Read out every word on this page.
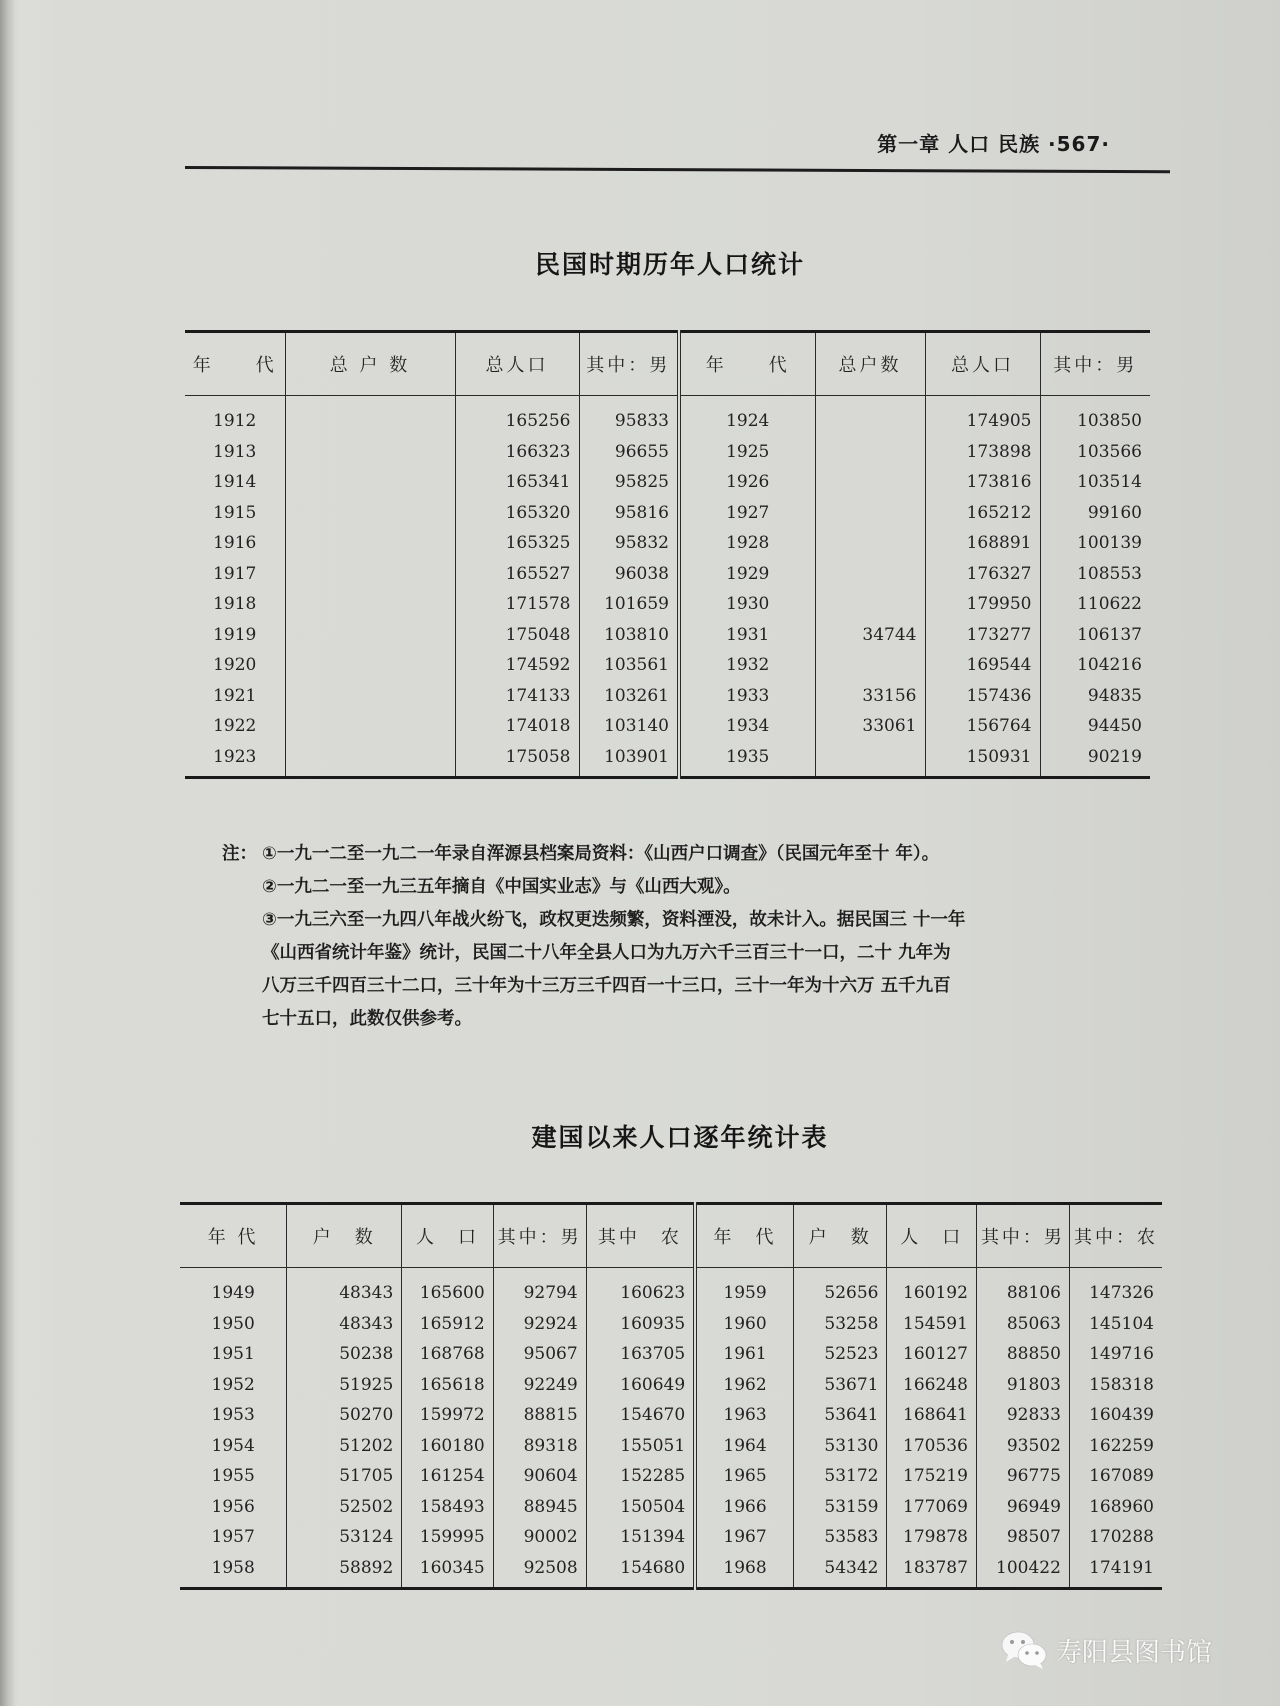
第一章 人口 民族 ·567·
民国时期历年人口统计
年　　代	总 户 数	总人口	其中：男	年　　代	总户数	总人口	其中：男
1912		165256	95833	1924		174905	103850
1913		166323	96655	1925		173898	103566
1914		165341	95825	1926		173816	103514
1915		165320	95816	1927		165212	99160
1916		165325	95832	1928		168891	100139
1917		165527	96038	1929		176327	108553
1918		171578	101659	1930		179950	110622
1919		175048	103810	1931	34744	173277	106137
1920		174592	103561	1932		169544	104216
1921		174133	103261	1933	33156	157436	94835
1922		174018	103140	1934	33061	156764	94450
1923		175058	103901	1935		150931	90219
注： ①一九一二至一九二一年录自浑源县档案局资料：《山西户口调查》（民国元年至十 年）。
②一九二一至一九三五年摘自《中国实业志》与《山西大观》。
③一九三六至一九四八年战火纷飞，政权更迭频繁，资料湮没，故未计入。据民国三 十一年
《山西省统计年鉴》统计，民国二十八年全县人口为九万六千三百三十一口，二十 九年为
八万三千四百三十二口，三十年为十三万三千四百一十三口，三十一年为十六万 五千九百
七十五口，此数仅供参考。
建国以来人口逐年统计表
年 代	户　数	人　口	其中：男	其中　农	年　代	户　数	人　口	其中：男	其中：农
1949	48343	165600	92794	160623	1959	52656	160192	88106	147326
1950	48343	165912	92924	160935	1960	53258	154591	85063	145104
1951	50238	168768	95067	163705	1961	52523	160127	88850	149716
1952	51925	165618	92249	160649	1962	53671	166248	91803	158318
1953	50270	159972	88815	154670	1963	53641	168641	92833	160439
1954	51202	160180	89318	155051	1964	53130	170536	93502	162259
1955	51705	161254	90604	152285	1965	53172	175219	96775	167089
1956	52502	158493	88945	150504	1966	53159	177069	96949	168960
1957	53124	159995	90002	151394	1967	53583	179878	98507	170288
1958	58892	160345	92508	154680	1968	54342	183787	100422	174191
寿阳县图书馆
